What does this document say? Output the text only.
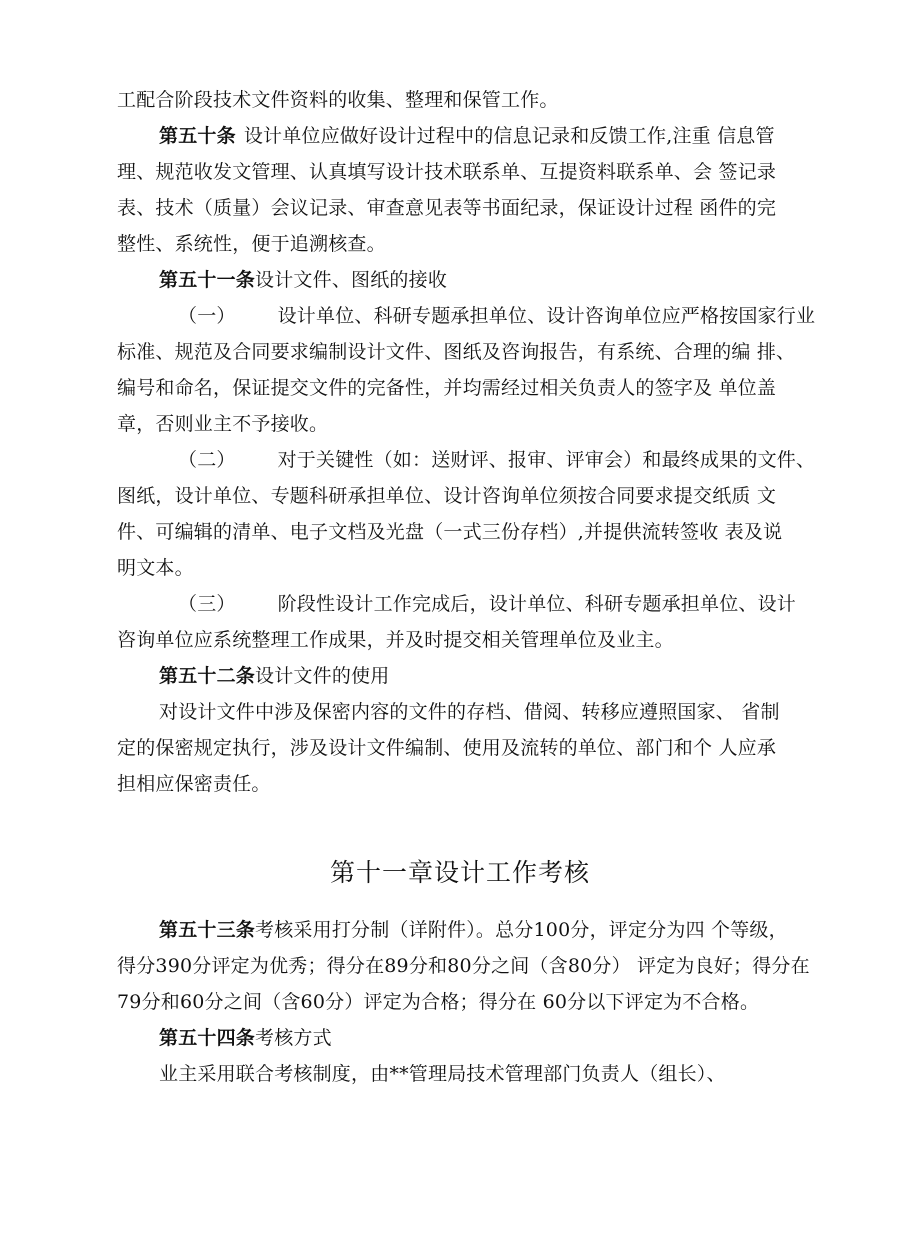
工配合阶段技术文件资料的收集、整理和保管工作。
第五十条 设计单位应做好设计过程中的信息记录和反馈工作,注重 信息管
理、规范收发文管理、认真填写设计技术联系单、互提资料联系单、会 签记录
表、技术（质量）会议记录、审查意见表等书面纪录，保证设计过程 函件的完
整性、系统性，便于追溯核查。
第五十一条设计文件、图纸的接收
（一） 设计单位、科研专题承担单位、设计咨询单位应严格按国家行业
标准、规范及合同要求编制设计文件、图纸及咨询报告，有系统、合理的编 排、
编号和命名，保证提交文件的完备性，并均需经过相关负责人的签字及 单位盖
章，否则业主不予接收。
（二） 对于关键性（如：送财评、报审、评审会）和最终成果的文件、
图纸，设计单位、专题科研承担单位、设计咨询单位须按合同要求提交纸质 文
件、可编辑的清单、电子文档及光盘（一式三份存档）,并提供流转签收 表及说
明文本。
（三） 阶段性设计工作完成后，设计单位、科研专题承担单位、设计
咨询单位应系统整理工作成果，并及时提交相关管理单位及业主。
第五十二条设计文件的使用
对设计文件中涉及保密内容的文件的存档、借阅、转移应遵照国家、 省制
定的保密规定执行，涉及设计文件编制、使用及流转的单位、部门和个 人应承
担相应保密责任。
第十一章设计工作考核
第五十三条考核采用打分制（详附件）。总分100分，评定分为四 个等级，
得分390分评定为优秀；得分在89分和80分之间（含80分） 评定为良好；得分在
79分和60分之间（含60分）评定为合格；得分在 60分以下评定为不合格。
第五十四条考核方式
业主采用联合考核制度，由**管理局技术管理部门负责人（组长）、
